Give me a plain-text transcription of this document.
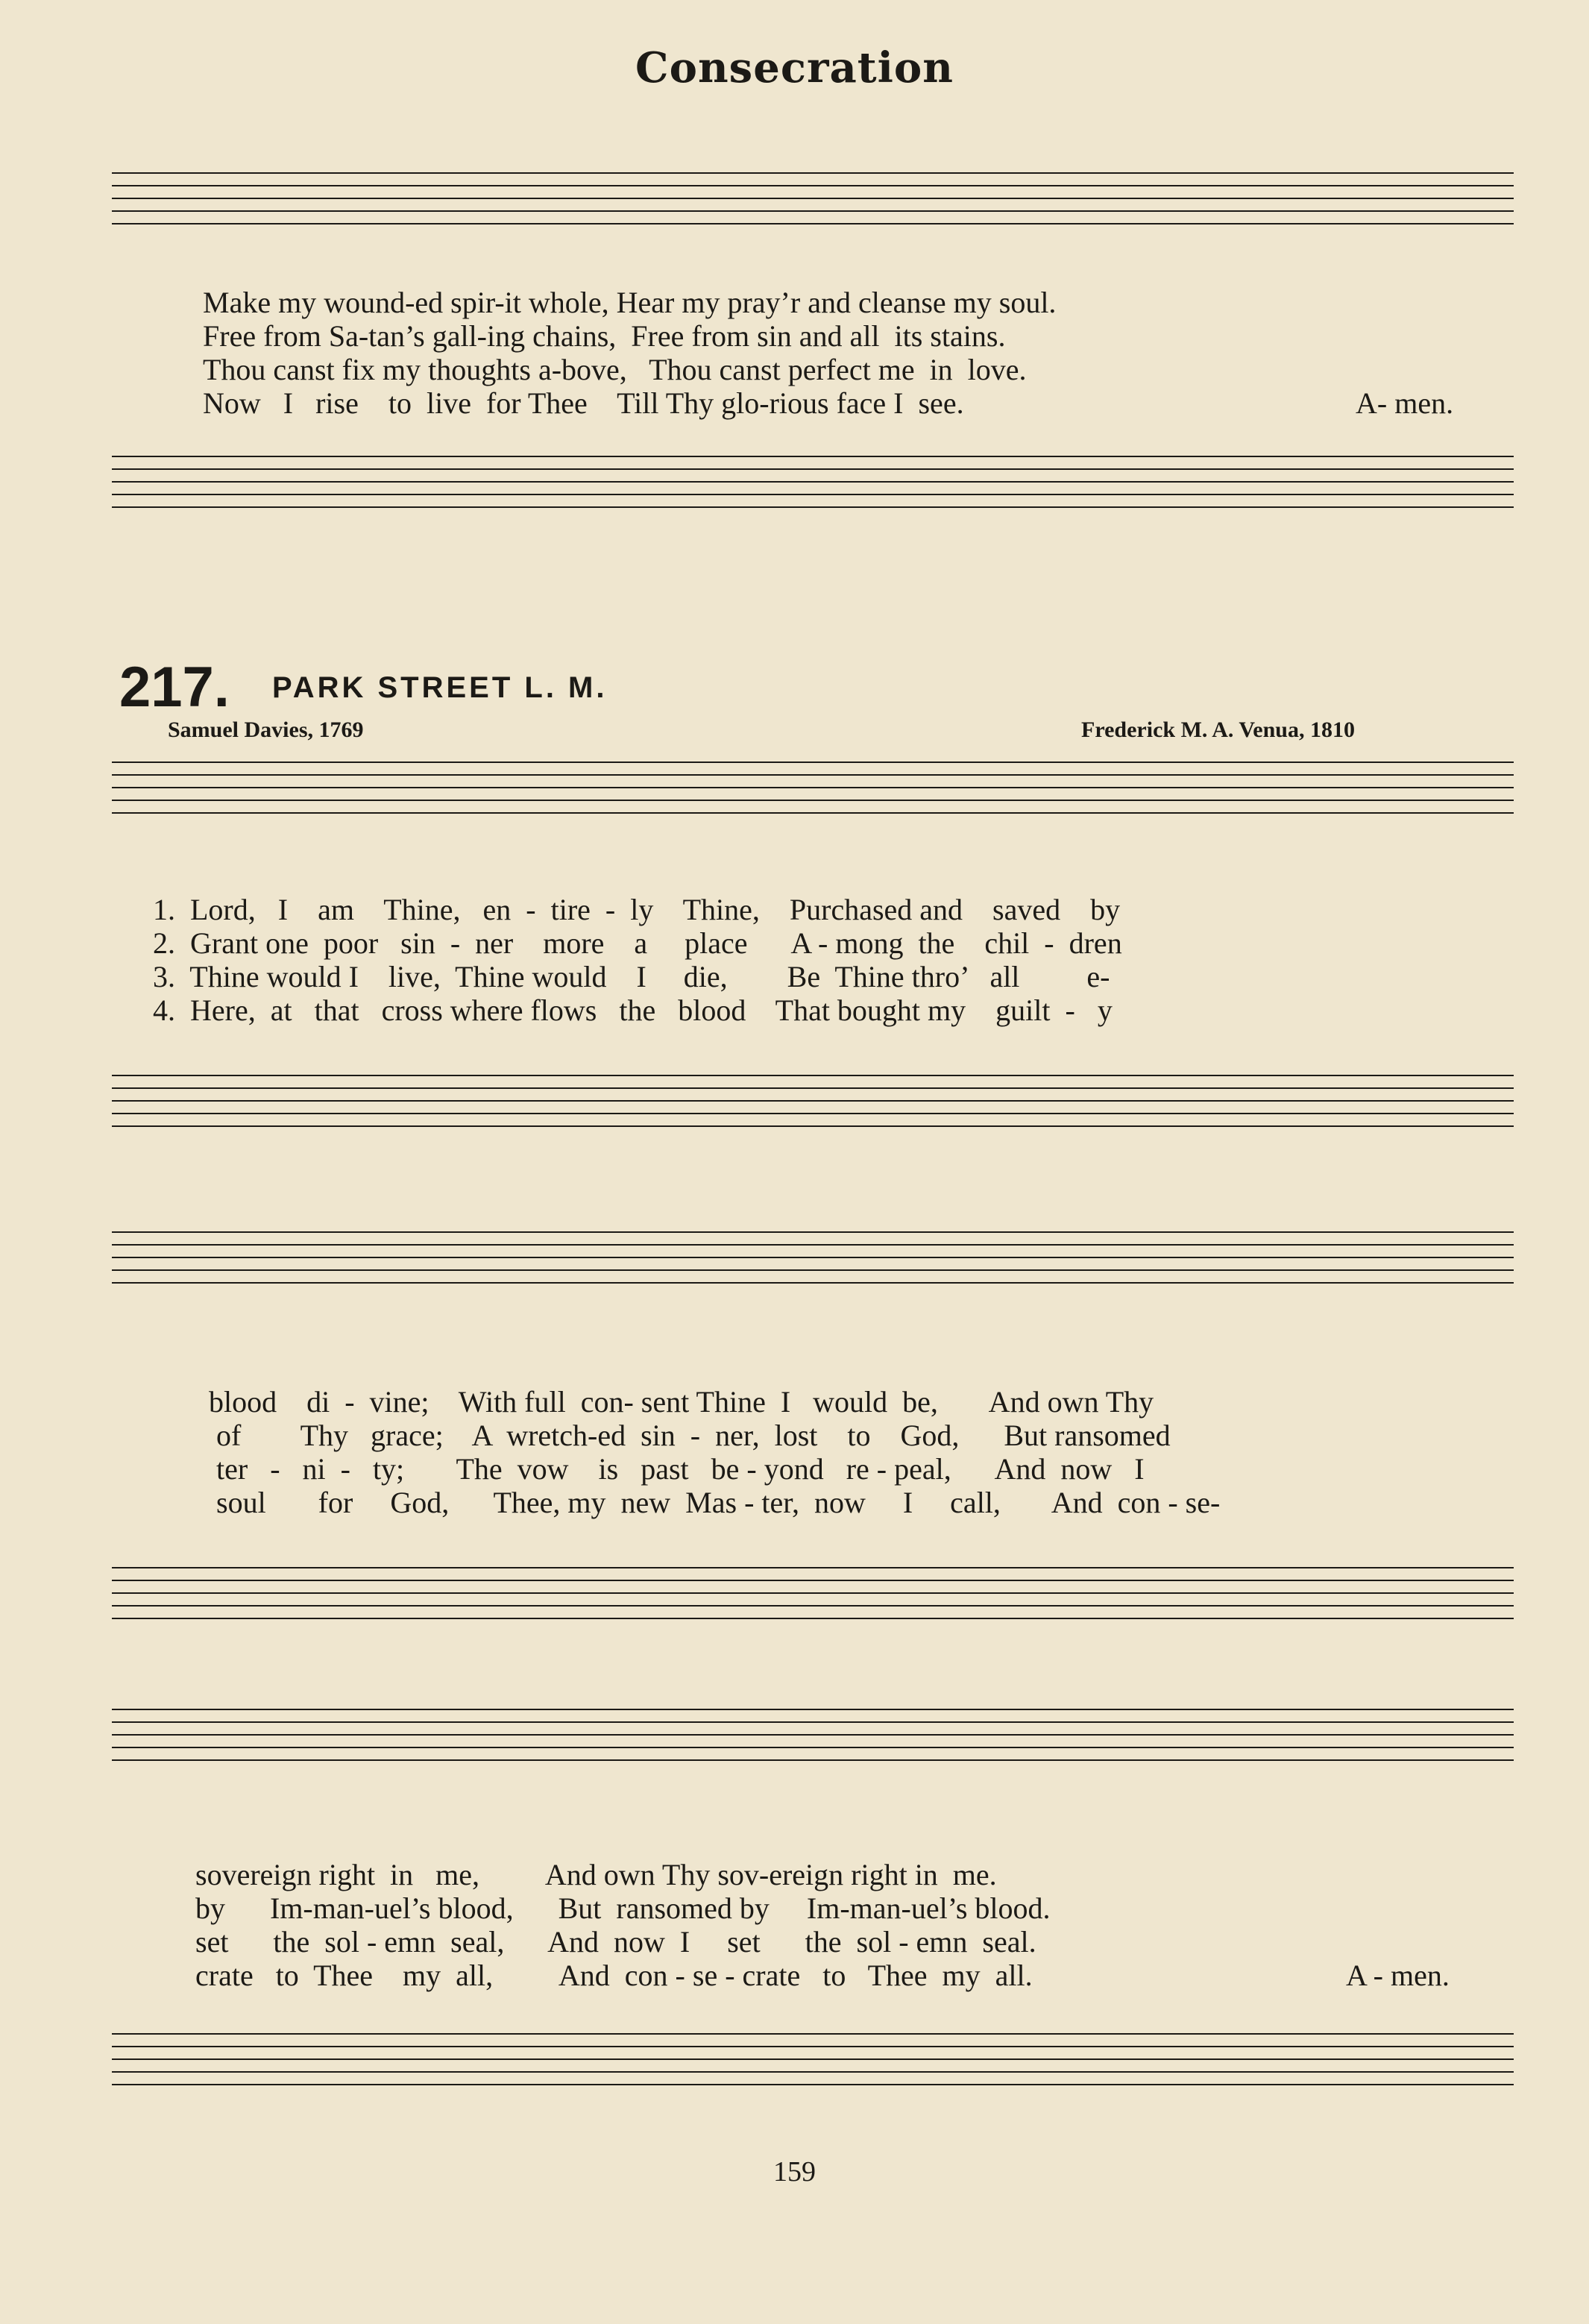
Consecration
Make my wound-ed spir-it whole, Hear my pray’r and cleanse my soul.
Free from Sa-tan’s gall-ing chains,  Free from sin and all  its stains.
Thou canst fix my thoughts a-bove,   Thou canst perfect me  in  love.
Now   I   rise    to  live  for Thee    Till Thy glo-rious face I  see.	A- men.
217. PARK STREET L. M.
Samuel Davies, 1769	Frederick M. A. Venua, 1810
1.  Lord,   I    am    Thine,   en  -  tire  -  ly    Thine,    Purchased and    saved    by
2.  Grant one  poor   sin  -  ner    more    a     place      A - mong  the    chil  -  dren
3.  Thine would I    live,  Thine would    I     die,        Be  Thine thro’   all         e-
4.  Here,  at   that   cross where flows   the   blood    That bought my    guilt  -   y
blood    di  -  vine;    With full  con- sent Thine  I   would  be,       And own Thy
of        Thy   grace;    A  wretch-ed  sin  -  ner,  lost    to    God,      But ransomed
ter   -   ni  -   ty;       The  vow    is   past   be - yond   re - peal,      And  now   I
soul       for     God,      Thee, my  new  Mas - ter,  now     I     call,       And  con - se-
sovereign right  in   me,         And own Thy sov-ereign right in  me.
by      Im-man-uel’s blood,      But  ransomed by     Im-man-uel’s blood.
set      the  sol - emn  seal,      And  now  I     set      the  sol - emn  seal.
crate   to  Thee    my  all,         And  con - se - crate   to   Thee  my  all.	A - men.
159
